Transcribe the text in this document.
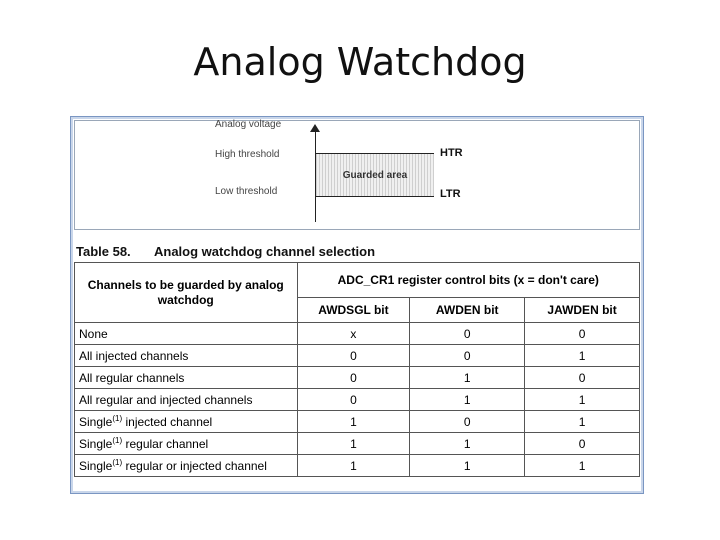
Analog Watchdog
Analog voltage
High threshold
Low threshold
Guarded area
HTR
LTR
Table 58. Analog watchdog channel selection
Channels to be guarded by analog watchdog	ADC_CR1 register control bits (x = don't care)		
	AWDSGL bit	AWDEN bit	JAWDEN bit
None	x	0	0
All injected channels	0	0	1
All regular channels	0	1	0
All regular and injected channels	0	1	1
Single$^{(1)}$ injected channel	1	0	1
Single$^{(1)}$ regular channel	1	1	0
Single$^{(1)}$ regular or injected channel	1	1	1
